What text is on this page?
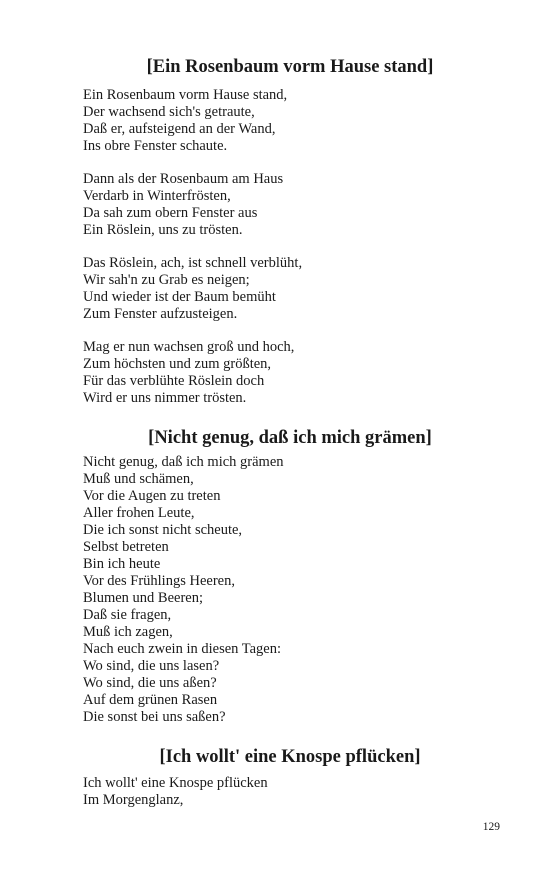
[Ein Rosenbaum vorm Hause stand]
Ein Rosenbaum vorm Hause stand,
Der wachsend sich's getraute,
Daß er, aufsteigend an der Wand,
Ins obre Fenster schaute.
Dann als der Rosenbaum am Haus
Verdarb in Winterfrösten,
Da sah zum obern Fenster aus
Ein Röslein, uns zu trösten.
Das Röslein, ach, ist schnell verblüht,
Wir sah'n zu Grab es neigen;
Und wieder ist der Baum bemüht
Zum Fenster aufzusteigen.
Mag er nun wachsen groß und hoch,
Zum höchsten und zum größten,
Für das verblühte Röslein doch
Wird er uns nimmer trösten.
[Nicht genug, daß ich mich grämen]
Nicht genug, daß ich mich grämen
Muß und schämen,
Vor die Augen zu treten
Aller frohen Leute,
Die ich sonst nicht scheute,
Selbst betreten
Bin ich heute
Vor des Frühlings Heeren,
Blumen und Beeren;
Daß sie fragen,
Muß ich zagen,
Nach euch zwein in diesen Tagen:
Wo sind, die uns lasen?
Wo sind, die uns aßen?
Auf dem grünen Rasen
Die sonst bei uns saßen?
[Ich wollt' eine Knospe pflücken]
Ich wollt' eine Knospe pflücken
Im Morgenglanz,
129
